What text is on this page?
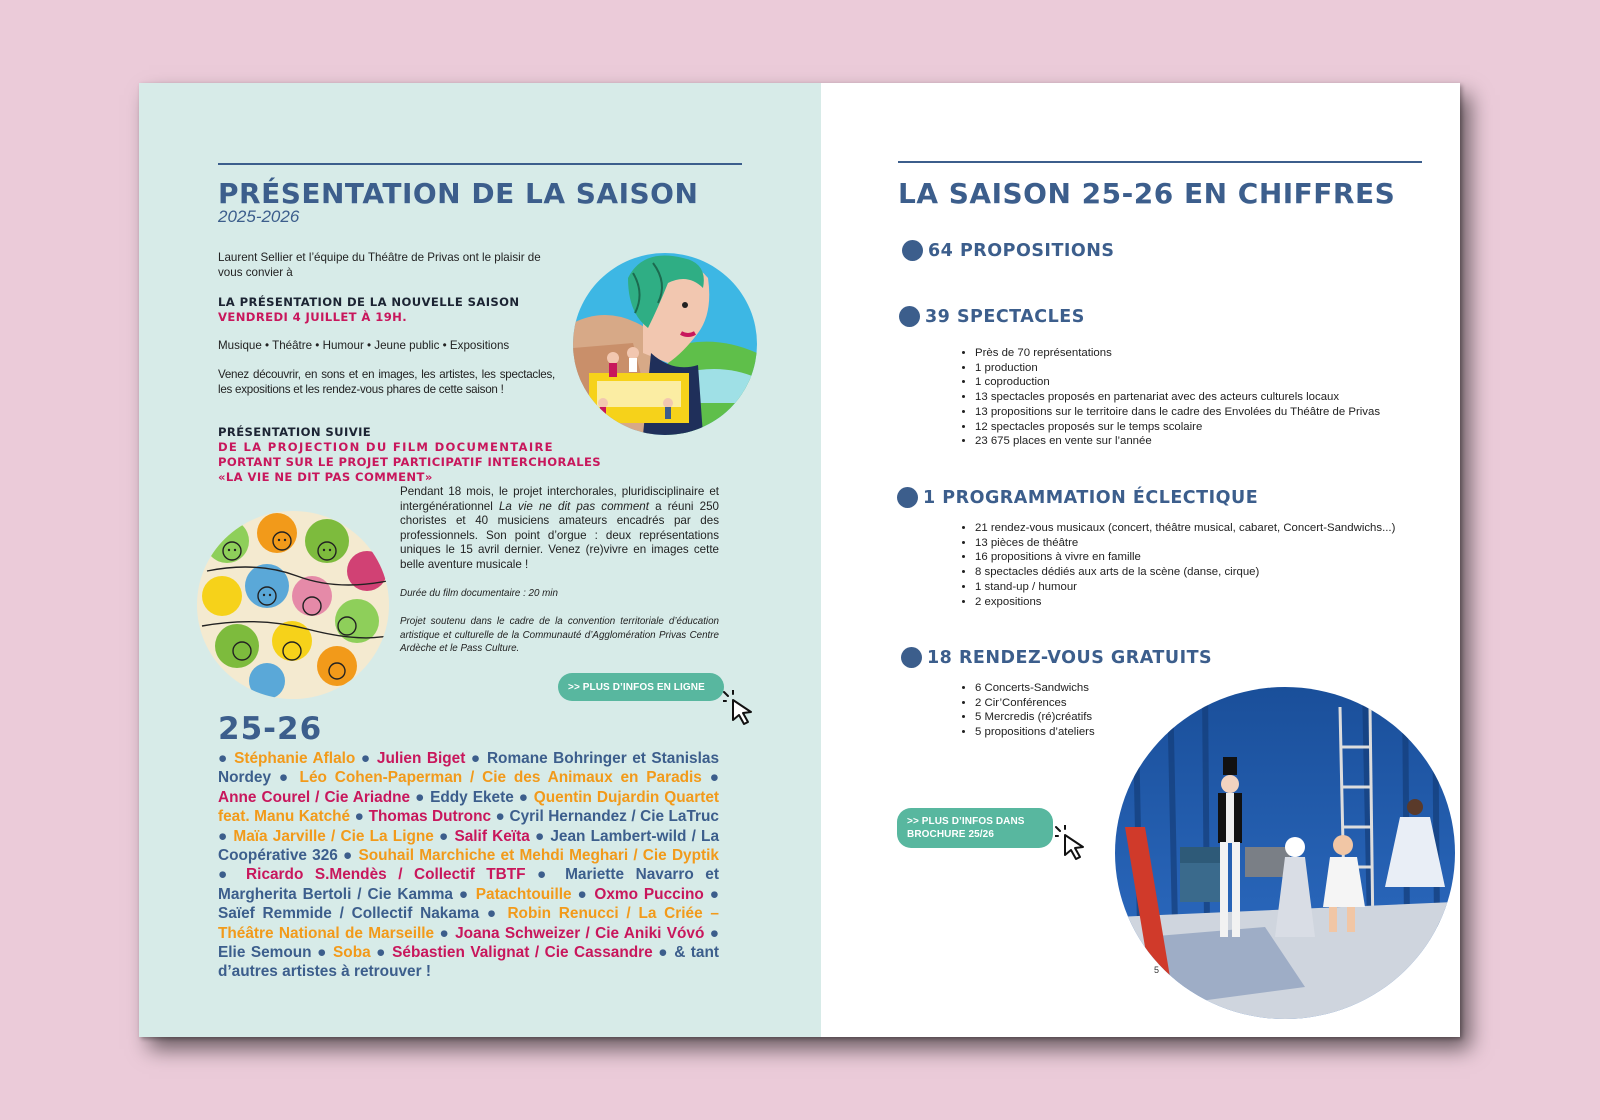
PRÉSENTATION DE LA SAISON
2025-2026
Laurent Sellier et l’équipe du Théâtre de Privas ont le plaisir de vous convier à
LA PRÉSENTATION DE LA NOUVELLE SAISON
VENDREDI 4 JUILLET À 19H.
Musique • Théâtre • Humour • Jeune public • Expositions
Venez découvrir, en sons et en images, les artistes, les spectacles, les expositions et les rendez-vous phares de cette saison !
PRÉSENTATION SUIVIE
DE LA PROJECTION DU FILM DOCUMENTAIRE
PORTANT SUR LE PROJET PARTICIPATIF INTERCHORALES
«LA VIE NE DIT PAS COMMENT»
Pendant 18 mois, le projet interchorales, pluridisciplinaire et intergénérationnel La vie ne dit pas comment a réuni 250 choristes et 40 musiciens amateurs encadrés par des professionnels. Son point d’orgue : deux représentations uniques le 15 avril dernier. Venez (re)vivre en images cette belle aventure musicale !
Durée du film documentaire : 20 min
Projet soutenu dans le cadre de la convention territoriale d’éducation artistique et culturelle de la Communauté d’Agglomération Privas Centre Ardèche et le Pass Culture.
>> PLUS D’INFOS EN LIGNE
25-26
● Stéphanie Aflalo ● Julien Biget ● Romane Bohringer et Stanislas Nordey ● Léo Cohen-Paperman / Cie des Animaux en Paradis ● Anne Courel / Cie Ariadne ● Eddy Ekete ● Quentin Dujardin Quartet feat. Manu Katché ● Thomas Dutronc ● Cyril Hernandez / Cie LaTruc ● Maïa Jarville / Cie La Ligne ● Salif Keïta ● Jean Lambert-wild / La Coopérative 326 ● Souhail Marchiche et Mehdi Meghari / Cie Dyptik ● Ricardo S.Mendès / Collectif TBTF ● Mariette Navarro et Margherita Bertoli / Cie Kamma ● Patachtouille ● Oxmo Puccino ● Saïef Remmide / Collectif Nakama ● Robin Renucci / La Criée – Théâtre National de Marseille ● Joana Schweizer / Cie Aniki Vóvó ● Elie Semoun ● Soba ● Sébastien Valignat / Cie Cassandre ● & tant d’autres artistes à retrouver !
LA SAISON 25-26 EN CHIFFRES
64 PROPOSITIONS
39 SPECTACLES
• Près de 70 représentations
• 1 production
• 1 coproduction
• 13 spectacles proposés en partenariat avec des acteurs culturels locaux
• 13 propositions sur le territoire dans le cadre des Envolées du Théâtre de Privas
• 12 spectacles proposés sur le temps scolaire
• 23 675 places en vente sur l’année
1 PROGRAMMATION ÉCLECTIQUE
• 21 rendez-vous musicaux (concert, théâtre musical, cabaret, Concert-Sandwichs...)
• 13 pièces de théâtre
• 16 propositions à vivre en famille
• 8 spectacles dédiés aux arts de la scène (danse, cirque)
• 1 stand-up / humour
• 2 expositions
18 RENDEZ-VOUS GRATUITS
• 6 Concerts-Sandwichs
• 2 Cir’Conférences
• 5 Mercredis (ré)créatifs
• 5 propositions d’ateliers
>> PLUS D’INFOS DANS
BROCHURE 25/26
5
